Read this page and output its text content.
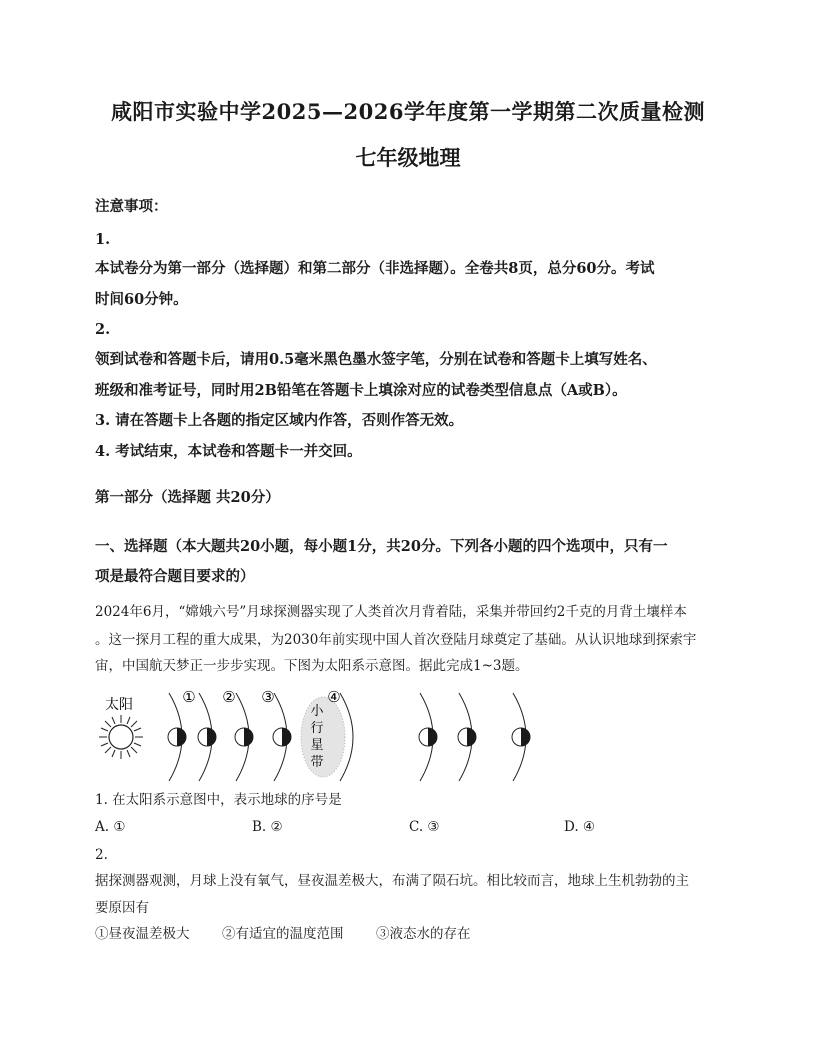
咸阳市实验中学2025—2026学年度第一学期第二次质量检测
七年级地理
注意事项：
1.
本试卷分为第一部分（选择题）和第二部分（非选择题）。全卷共8页，总分60分。考试
时间60分钟。
2.
领到试卷和答题卡后，请用0.5毫米黑色墨水签字笔，分别在试卷和答题卡上填写姓名、
班级和准考证号，同时用2B铅笔在答题卡上填涂对应的试卷类型信息点（A或B）。
3. 请在答题卡上各题的指定区域内作答，否则作答无效。
4. 考试结束，本试卷和答题卡一并交回。
第一部分（选择题 共20分）
一、选择题（本大题共20小题，每小题1分，共20分。下列各小题的四个选项中，只有一
项是最符合题目要求的）
2024年6月，“嫦娥六号”月球探测器实现了人类首次月背着陆，采集并带回约2千克的月背土壤样本
。这一探月工程的重大成果，为2030年前实现中国人首次登陆月球奠定了基础。从认识地球到探索宇
宙，中国航天梦正一步步实现。下图为太阳系示意图。据此完成1~3题。
太阳	小
行
星
带
① ② ③	④
1. 在太阳系示意图中，表示地球的序号是
A. ①	B. ②	C. ③	D. ④
2.
据探测器观测，月球上没有氧气，昼夜温差极大，布满了陨石坑。相比较而言，地球上生机勃勃的主
要原因有
①昼夜温差极大 ②有适宜的温度范围 ③液态水的存在
